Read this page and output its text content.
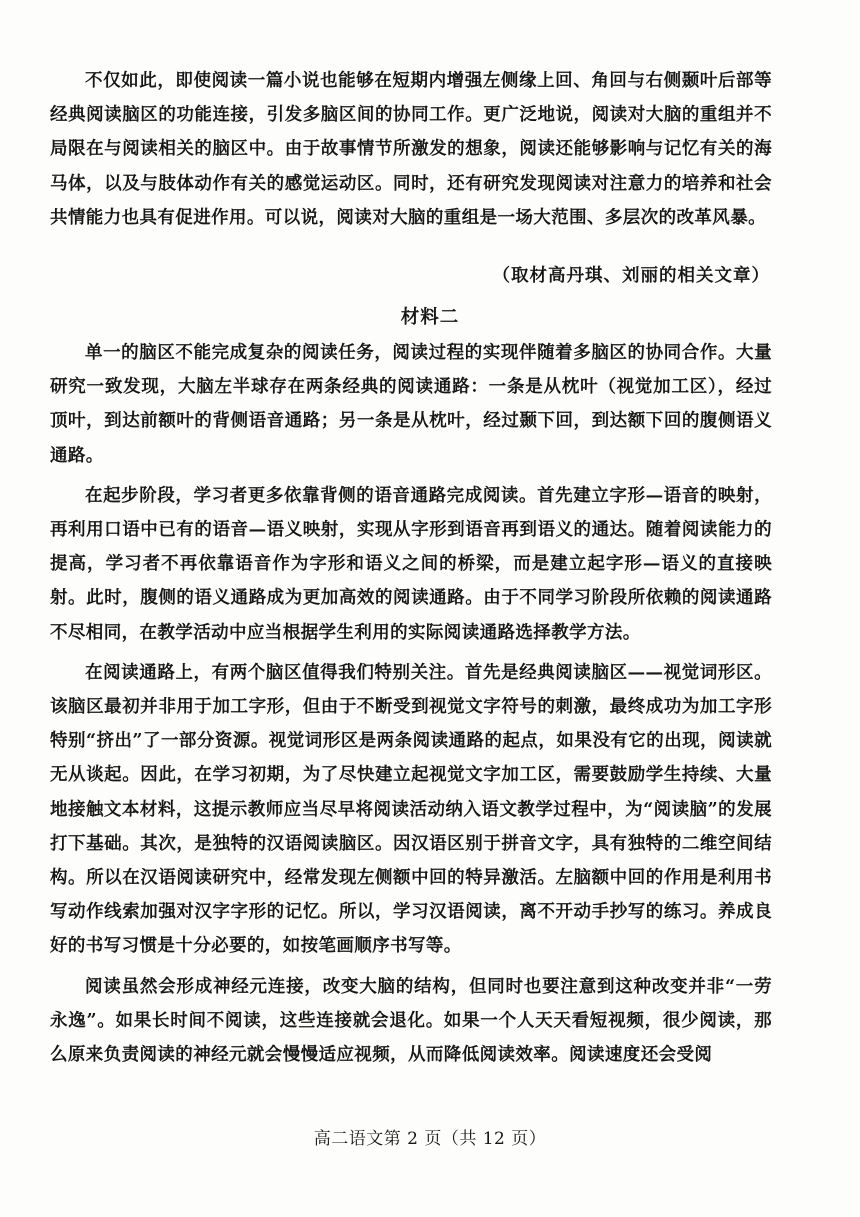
不仅如此，即使阅读一篇小说也能够在短期内增强左侧缘上回、角回与右侧颞叶后部等经典阅读脑区的功能连接，引发多脑区间的协同工作。更广泛地说，阅读对大脑的重组并不局限在与阅读相关的脑区中。由于故事情节所激发的想象，阅读还能够影响与记忆有关的海马体，以及与肢体动作有关的感觉运动区。同时，还有研究发现阅读对注意力的培养和社会共情能力也具有促进作用。可以说，阅读对大脑的重组是一场大范围、多层次的改革风暴。

（取材高丹琪、刘丽的相关文章）
材料二

单一的脑区不能完成复杂的阅读任务，阅读过程的实现伴随着多脑区的协同合作。大量研究一致发现，大脑左半球存在两条经典的阅读通路：一条是从枕叶（视觉加工区），经过顶叶，到达前额叶的背侧语音通路；另一条是从枕叶，经过颞下回，到达额下回的腹侧语义通路。

在起步阶段，学习者更多依靠背侧的语音通路完成阅读。首先建立字形—语音的映射，再利用口语中已有的语音—语义映射，实现从字形到语音再到语义的通达。随着阅读能力的提高，学习者不再依靠语音作为字形和语义之间的桥梁，而是建立起字形—语义的直接映射。此时，腹侧的语义通路成为更加高效的阅读通路。由于不同学习阶段所依赖的阅读通路不尽相同，在教学活动中应当根据学生利用的实际阅读通路选择教学方法。

在阅读通路上，有两个脑区值得我们特别关注。首先是经典阅读脑区——视觉词形区。该脑区最初并非用于加工字形，但由于不断受到视觉文字符号的刺激，最终成功为加工字形特别“挤出”了一部分资源。视觉词形区是两条阅读通路的起点，如果没有它的出现，阅读就无从谈起。因此，在学习初期，为了尽快建立起视觉文字加工区，需要鼓励学生持续、大量地接触文本材料，这提示教师应当尽早将阅读活动纳入语文教学过程中，为“阅读脑”的发展打下基础。其次，是独特的汉语阅读脑区。因汉语区别于拼音文字，具有独特的二维空间结构。所以在汉语阅读研究中，经常发现左侧额中回的特异激活。左脑额中回的作用是利用书写动作线索加强对汉字字形的记忆。所以，学习汉语阅读，离不开动手抄写的练习。养成良好的书写习惯是十分必要的，如按笔画顺序书写等。

阅读虽然会形成神经元连接，改变大脑的结构，但同时也要注意到这种改变并非“一劳永逸”。如果长时间不阅读，这些连接就会退化。如果一个人天天看短视频，很少阅读，那么原来负责阅读的神经元就会慢慢适应视频，从而降低阅读效率。阅读速度还会受阅

高二语文第 2 页（共 12 页）
